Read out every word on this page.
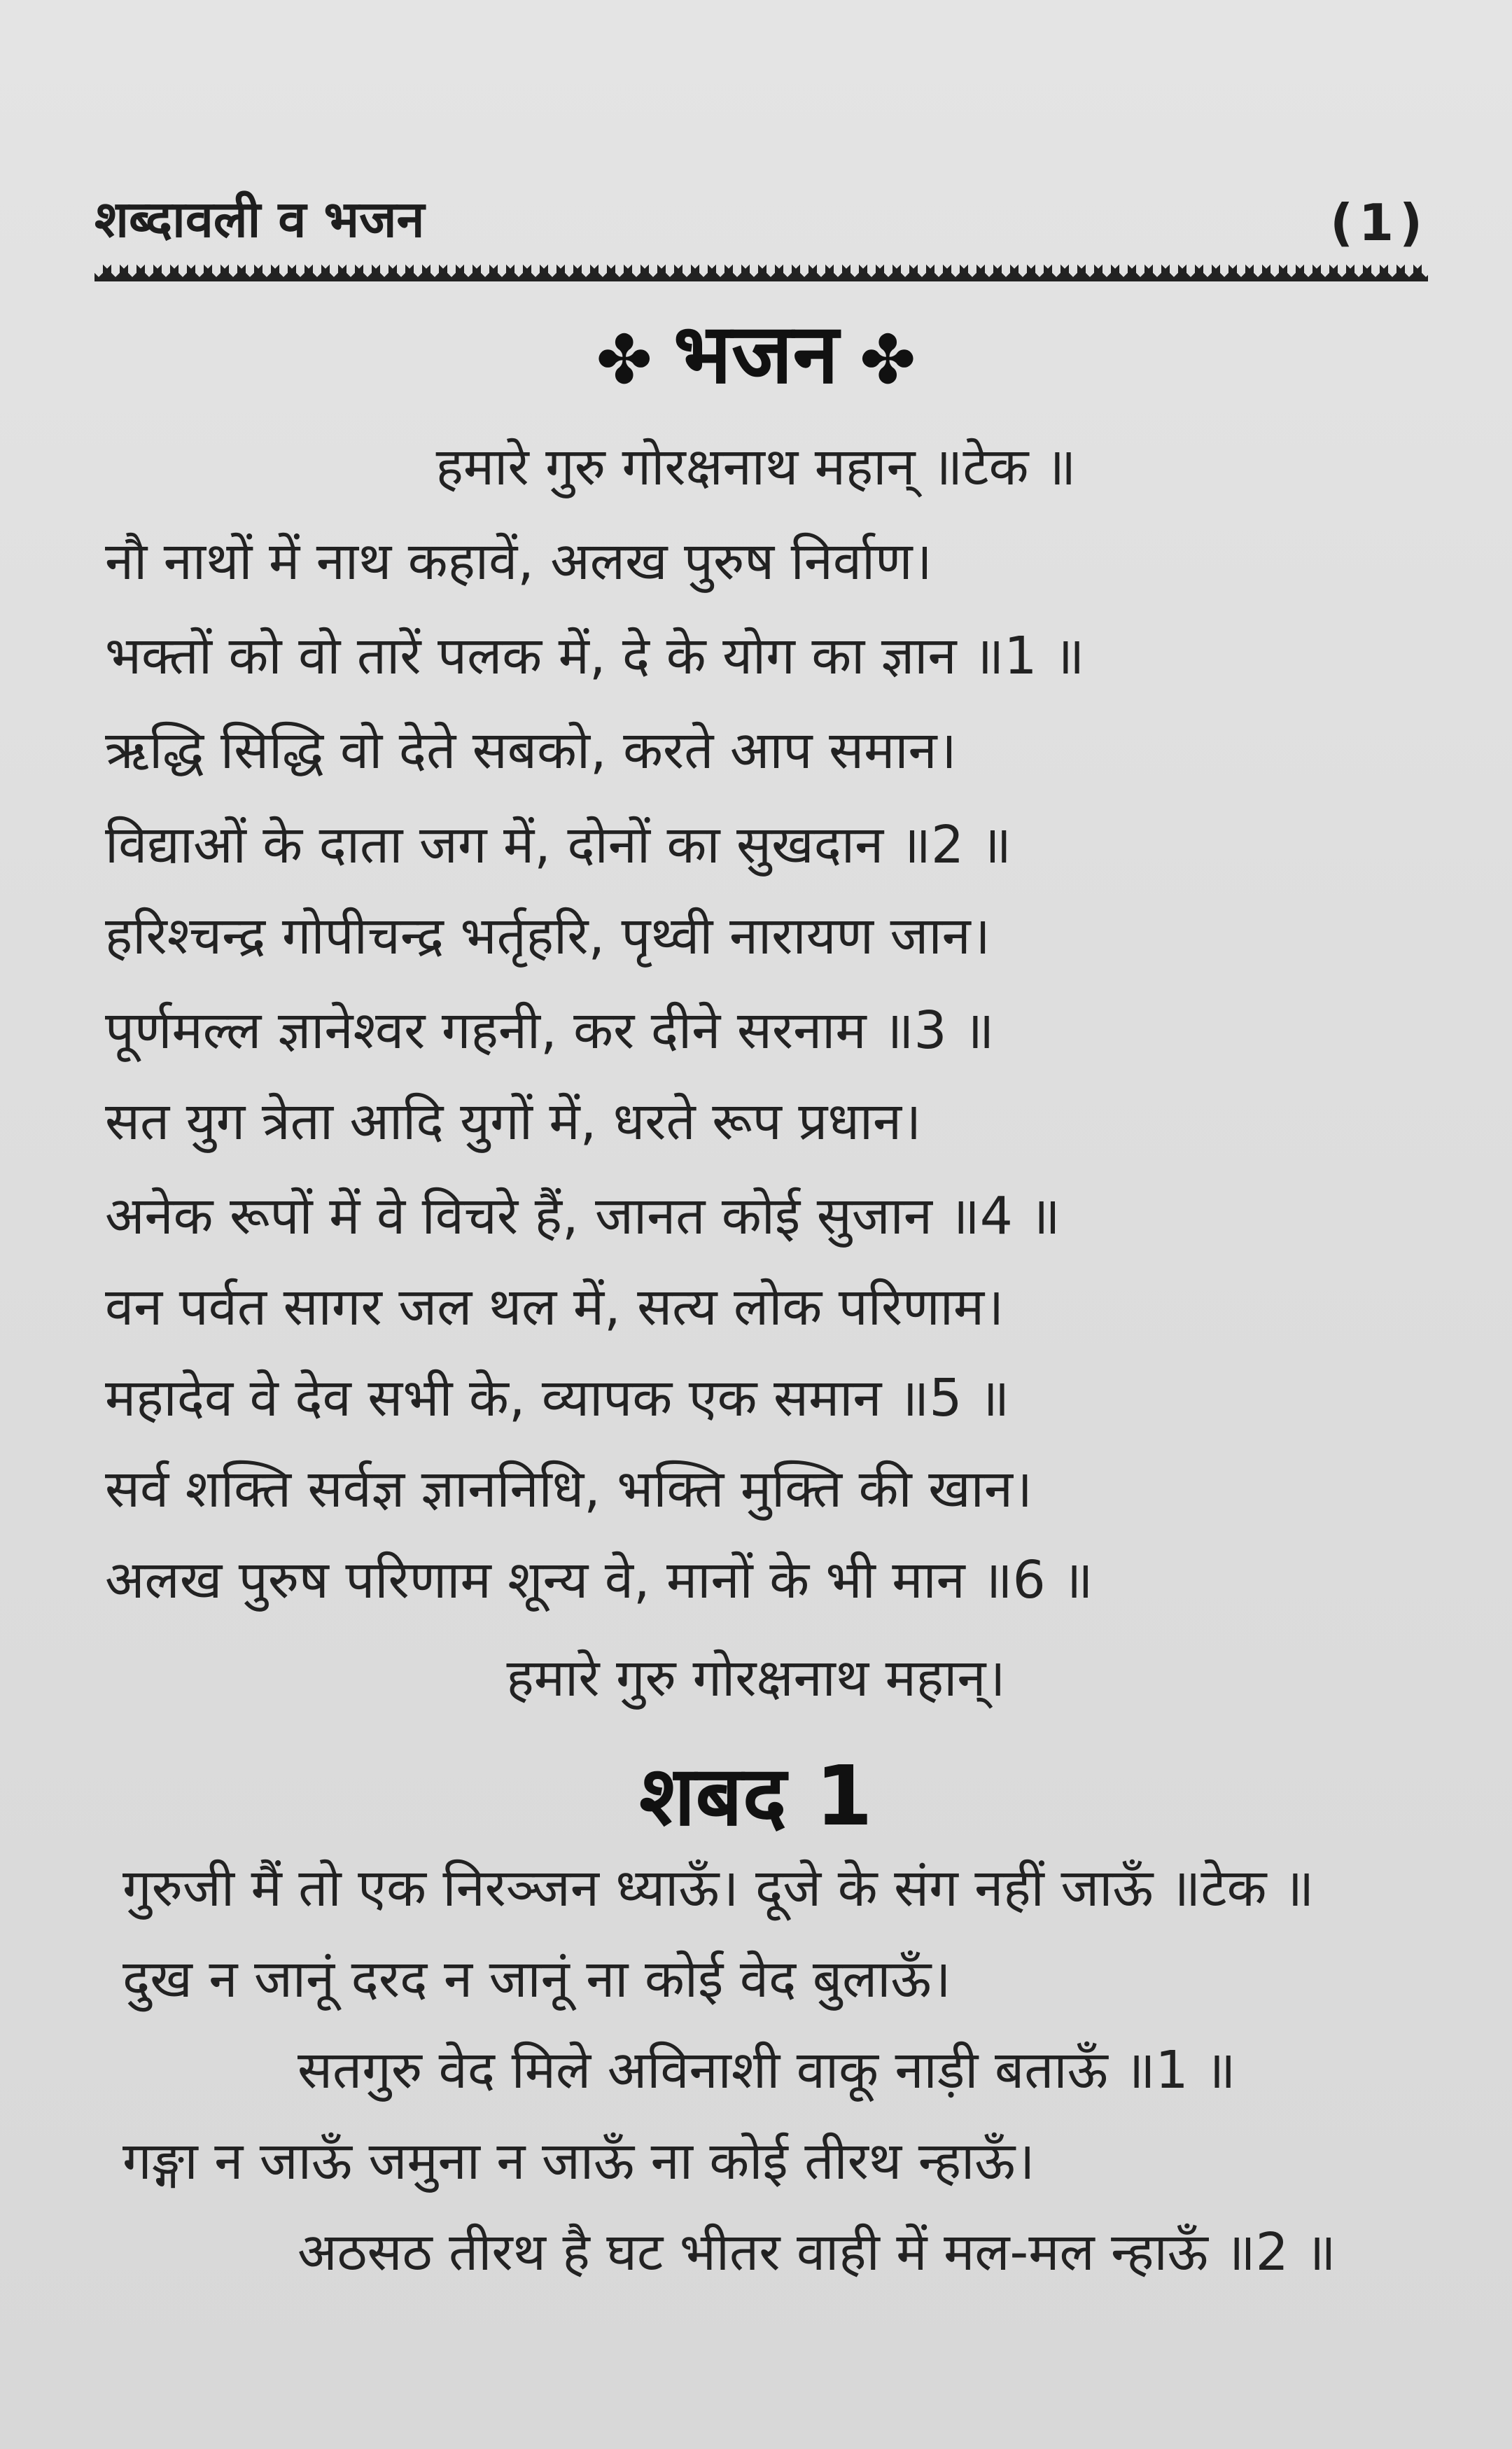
शब्दावली व भजन	(1)
✤ भजन ✤
हमारे गुरु गोरक्षनाथ महान् ॥टेक ॥
नौ नाथों में नाथ कहावें, अलख पुरुष निर्वाण।
भक्तों को वो तारें पलक में, दे के योग का ज्ञान ॥1 ॥
ऋद्धि सिद्धि वो देते सबको, करते आप समान।
विद्याओं के दाता जग में, दोनों का सुखदान ॥2 ॥
हरिश्चन्द्र गोपीचन्द्र भर्तृहरि, पृथ्वी नारायण जान।
पूर्णमल्ल ज्ञानेश्वर गहनी, कर दीने सरनाम ॥3 ॥
सत युग त्रेता आदि युगों में, धरते रूप प्रधान।
अनेक रूपों में वे विचरे हैं, जानत कोई सुजान ॥4 ॥
वन पर्वत सागर जल थल में, सत्य लोक परिणाम।
महादेव वे देव सभी के, व्यापक एक समान ॥5 ॥
सर्व शक्ति सर्वज्ञ ज्ञाननिधि, भक्ति मुक्ति की खान।
अलख पुरुष परिणाम शून्य वे, मानों के भी मान ॥6 ॥
हमारे गुरु गोरक्षनाथ महान्।
शबद 1
गुरुजी मैं तो एक निरञ्जन ध्याऊँ। दूजे के संग नहीं जाऊँ ॥टेक ॥
दुख न जानूं दरद न जानूं ना कोई वेद बुलाऊँ।
सतगुरु वेद मिले अविनाशी वाकू नाड़ी बताऊँ ॥1 ॥
गङ्गा न जाऊँ जमुना न जाऊँ ना कोई तीरथ न्हाऊँ।
अठसठ तीरथ है घट भीतर वाही में मल-मल न्हाऊँ ॥2 ॥
